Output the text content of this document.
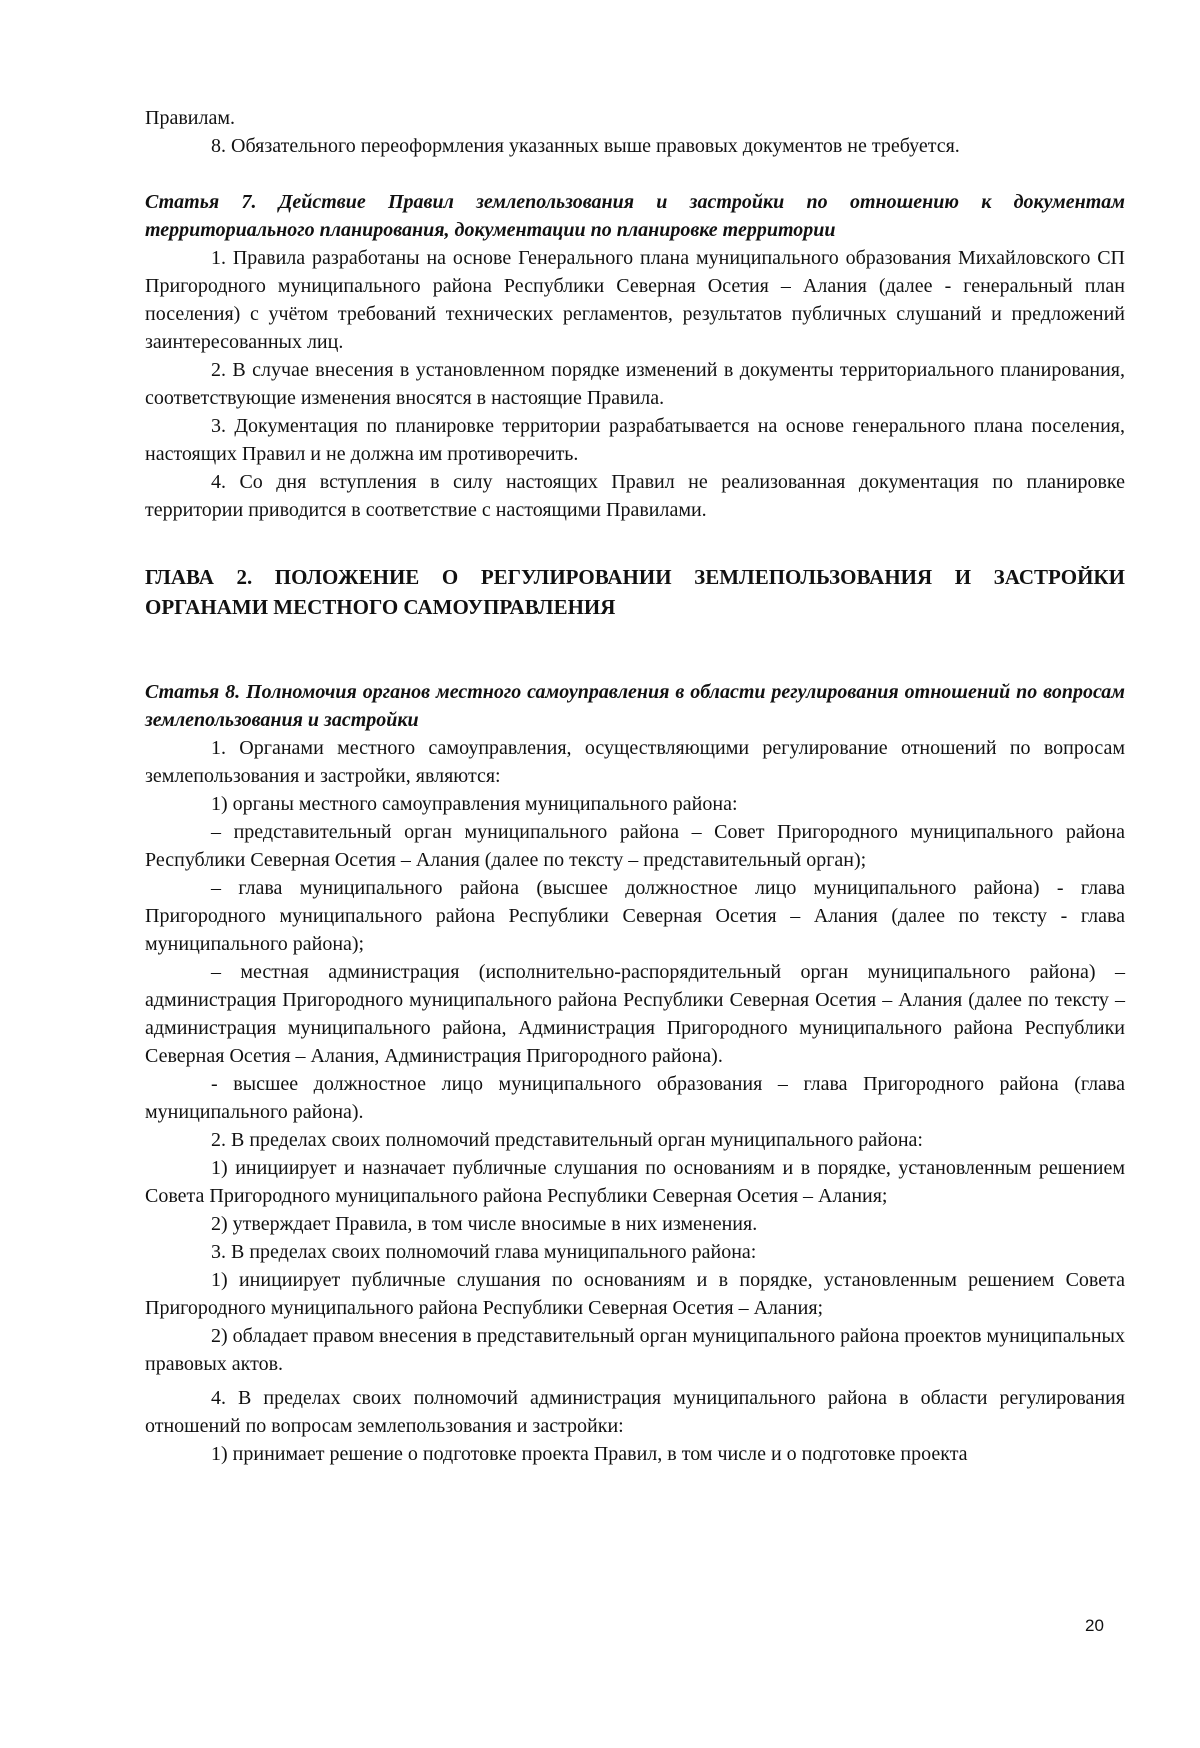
Правилам.

8. Обязательного переоформления указанных выше правовых документов не требуется.

Статья 7. Действие Правил землепользования и застройки по отношению к документам территориального планирования, документации по планировке территории

1. Правила разработаны на основе Генерального плана муниципального образования Михайловского СП Пригородного муниципального района Республики Северная Осетия – Алания (далее - генеральный план поселения) с учётом требований технических регламентов, результатов публичных слушаний и предложений заинтересованных лиц.

2. В случае внесения в установленном порядке изменений в документы территориального планирования, соответствующие изменения вносятся в настоящие Правила.

3. Документация по планировке территории разрабатывается на основе генерального плана поселения, настоящих Правил и не должна им противоречить.

4. Со дня вступления в силу настоящих Правил не реализованная документация по планировке территории приводится в соответствие с настоящими Правилами.

ГЛАВА 2. ПОЛОЖЕНИЕ О РЕГУЛИРОВАНИИ ЗЕМЛЕПОЛЬЗОВАНИЯ И ЗАСТРОЙКИ ОРГАНАМИ МЕСТНОГО САМОУПРАВЛЕНИЯ

Статья 8. Полномочия органов местного самоуправления в области регулирования отношений по вопросам землепользования и застройки

1. Органами местного самоуправления, осуществляющими регулирование отношений по вопросам землепользования и застройки, являются:

1) органы местного самоуправления муниципального района:

– представительный орган муниципального района – Совет Пригородного муниципального района Республики Северная Осетия – Алания (далее по тексту – представительный орган);

– глава муниципального района (высшее должностное лицо муниципального района) - глава Пригородного муниципального района Республики Северная Осетия – Алания (далее по тексту - глава муниципального района);

– местная администрация (исполнительно-распорядительный орган муниципального района) – администрация Пригородного муниципального района Республики Северная Осетия – Алания (далее по тексту – администрация муниципального района, Администрация Пригородного муниципального района Республики Северная Осетия – Алания, Администрация Пригородного района).

- высшее должностное лицо муниципального образования – глава Пригородного района (глава муниципального района).

2. В пределах своих полномочий представительный орган муниципального района:

1) инициирует и назначает публичные слушания по основаниям и в порядке, установленным решением Совета Пригородного муниципального района Республики Северная Осетия – Алания;

2) утверждает Правила, в том числе вносимые в них изменения.

3. В пределах своих полномочий глава муниципального района:

1) инициирует публичные слушания по основаниям и в порядке, установленным решением Совета Пригородного муниципального района Республики Северная Осетия – Алания;

2) обладает правом внесения в представительный орган муниципального района проектов муниципальных правовых актов.

4. В пределах своих полномочий администрация муниципального района в области регулирования отношений по вопросам землепользования и застройки:

1) принимает решение о подготовке проекта Правил, в том числе и о подготовке проекта

20
